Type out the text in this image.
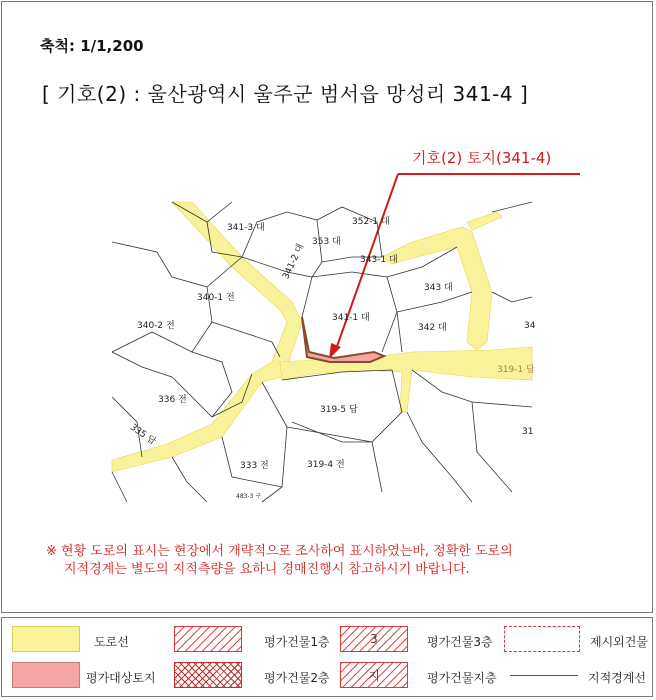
축척: 1/1,200
[ 기호(2) : 울산광역시 울주군 범서읍 망성리 341-4 ]
기호(2) 토지(341-4)
341-3 대
353 대
352-1 대
341-2 대	343-1 대
340-1 전
343 대
340-2 전
341-1 대
342 대
336 전
319-5 답
335 답
333 전	319-4 전
319-1 답
34
31
483-3 구
※ 현황 도로의 표시는 현장에서 개략적으로 조사하여 표시하였는바, 정확한 도로의
지적경계는 별도의 지적측량을 요하니 경매진행시 참고하시기 바랍니다.
도로선	평가건물1층	3	평가건물3층	제시외건물
평가대상토지	평가건물2층	지	평가건물지층	지적경계선
